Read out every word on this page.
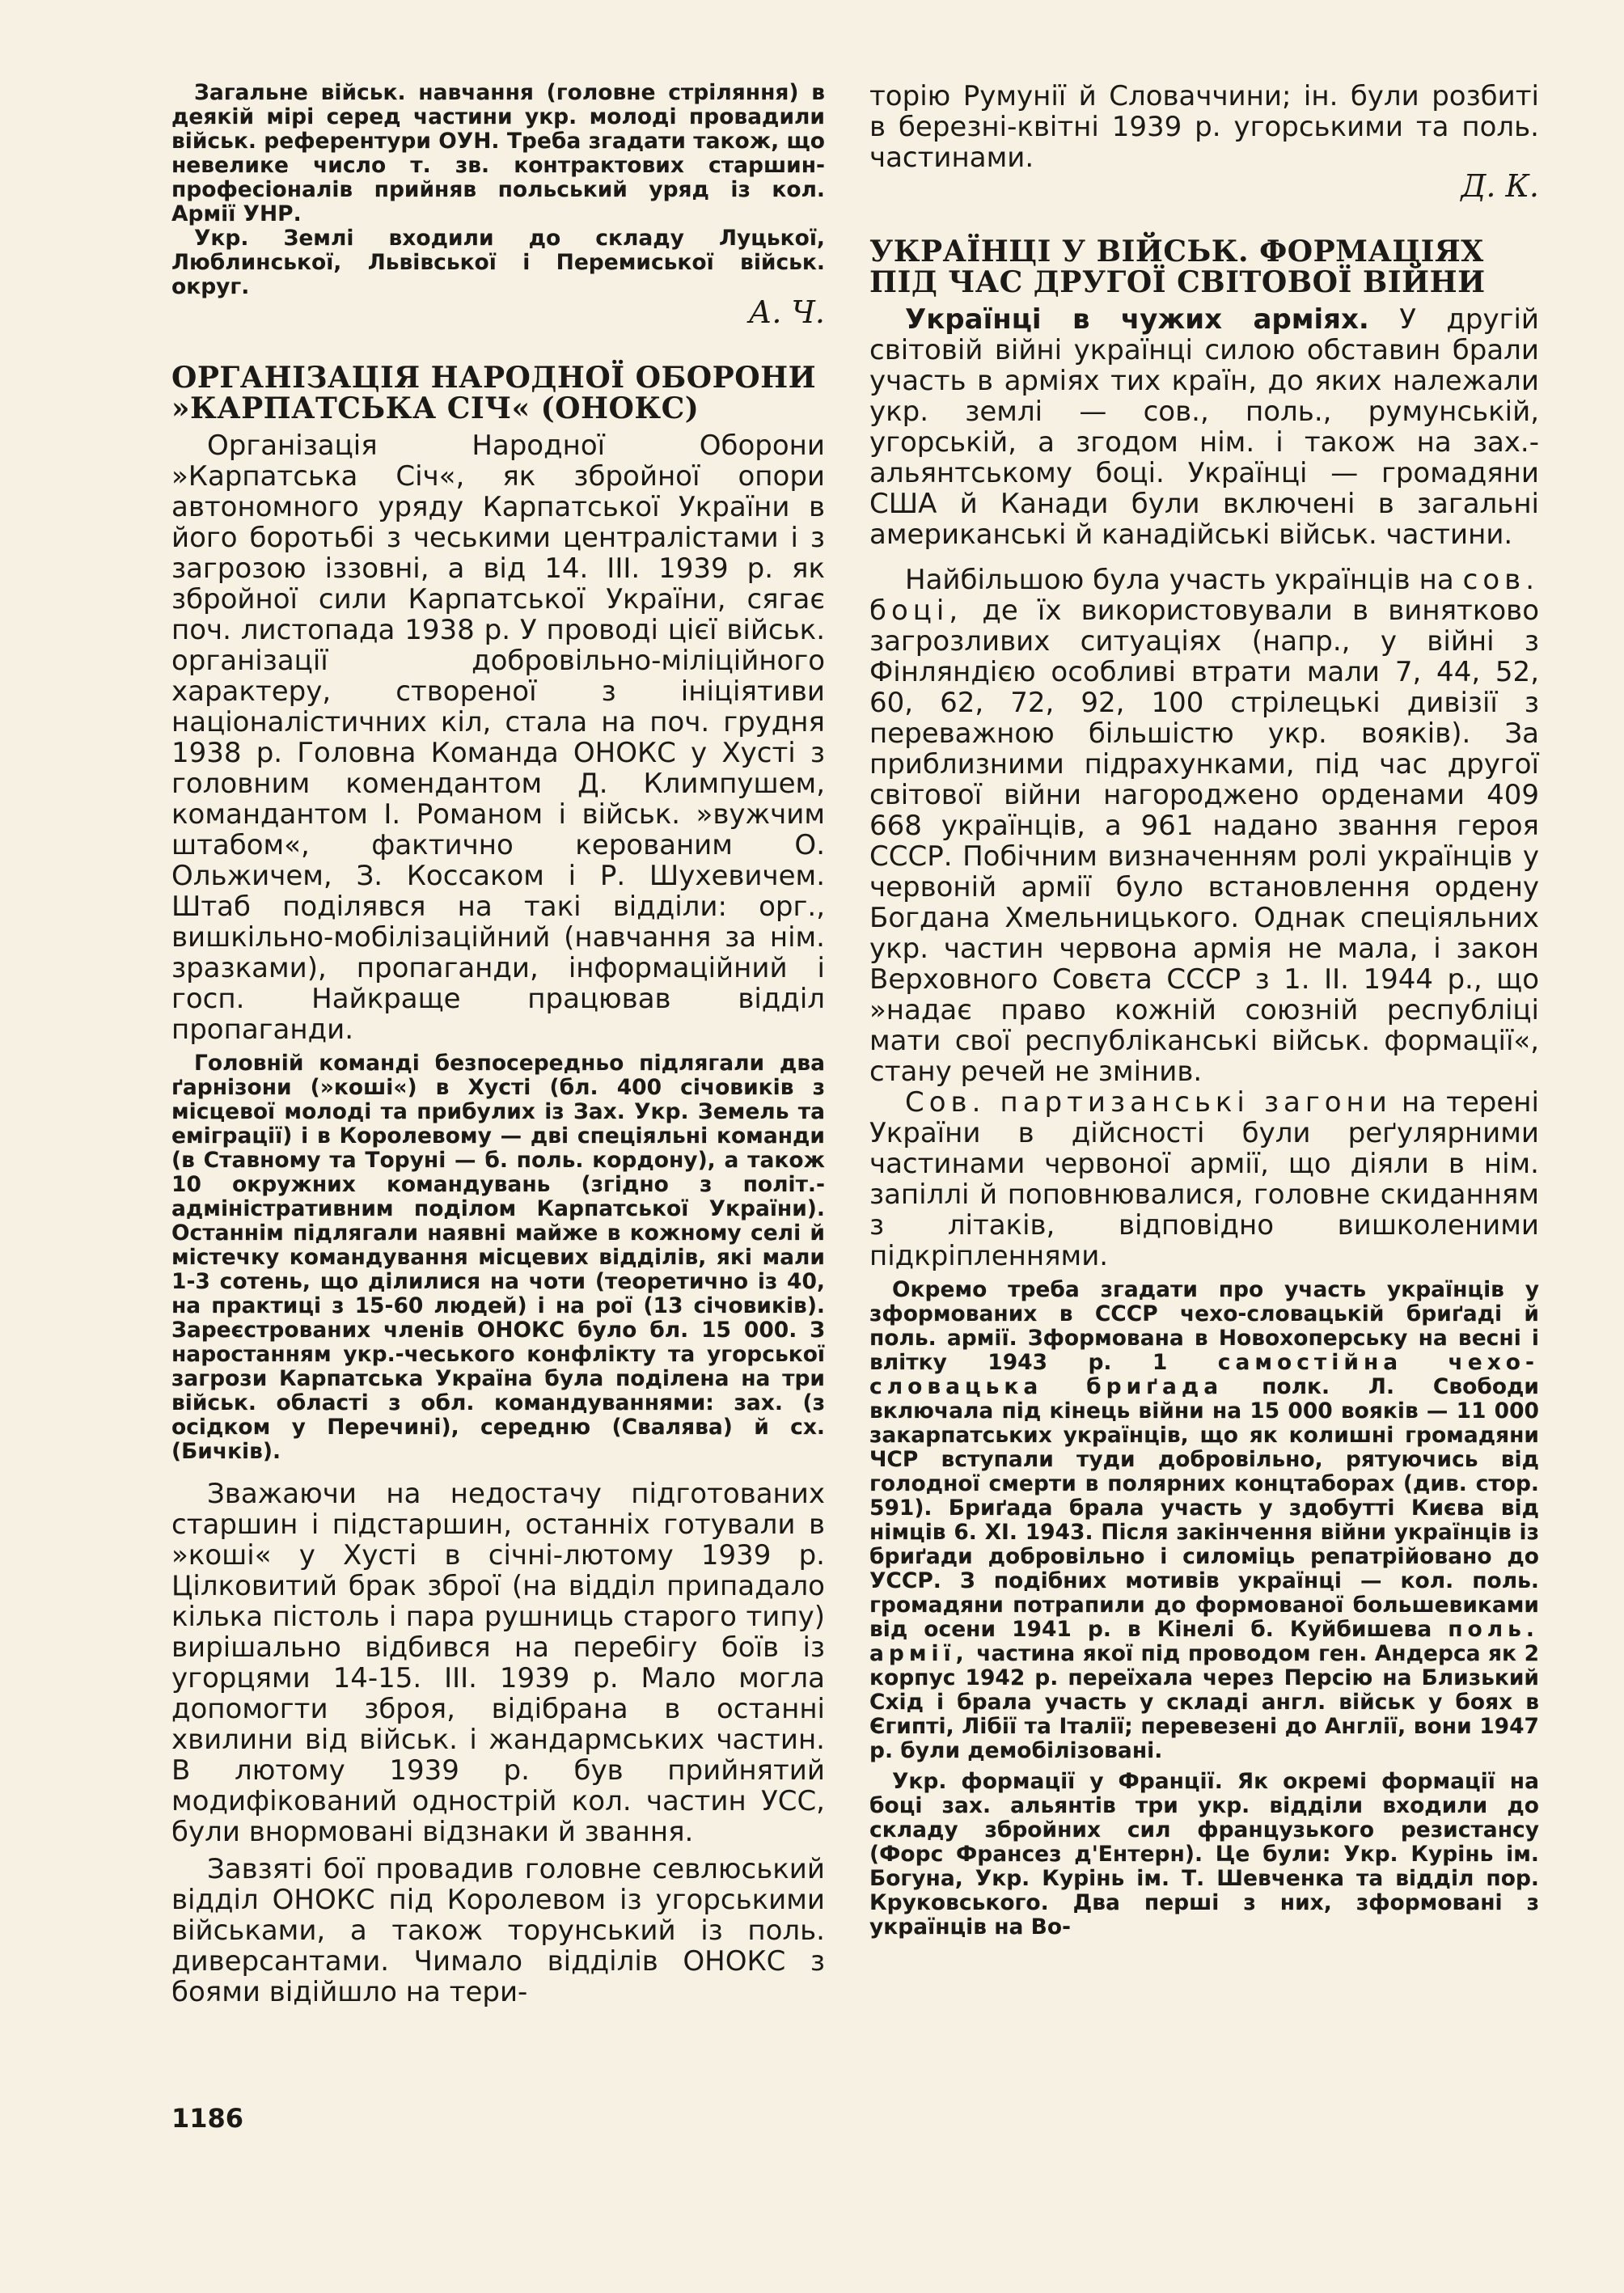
Загальне військ. навчання (головне стріляння) в деякій мірі серед частини укр. молоді провадили військ. референтури ОУН. Треба згадати також, що невелике число т. зв. контрактових старшин-професіоналів прийняв польський уряд із кол. Армії УНР.

Укр. Землі входили до складу Луцької, Люблинської, Львівської і Перемиської військ. округ.

А. Ч.

ОРГАНІЗАЦІЯ НАРОДНОЇ ОБОРОНИ »КАРПАТСЬКА СІЧ« (ОНОКС)

Організація Народної Оборони »Карпатська Січ«, як збройної опори автономного уряду Карпатської України в його боротьбі з чеськими централістами і з загрозою іззовні, а від 14. III. 1939 р. як збройної сили Карпатської України, сягає поч. листопада 1938 р. У проводі цієї військ. організації добровільно-міліційного характеру, створеної з ініціятиви націоналістичних кіл, стала на поч. грудня 1938 р. Головна Команда ОНОКС у Хусті з головним комендантом Д. Климпушем, командантом І. Романом і військ. »вужчим штабом«, фактично керованим О. Ольжичем, З. Коссаком і Р. Шухевичем. Штаб поділявся на такі відділи: орг., вишкільно-мобілізаційний (навчання за нім. зразками), пропаганди, інформаційний і госп. Найкраще працював відділ пропаганди.

Головній команді безпосередньо підлягали два ґарнізони (»коші«) в Хусті (бл. 400 січовиків з місцевої молоді та прибулих із Зах. Укр. Земель та еміграції) і в Королевому — дві спеціяльні команди (в Ставному та Торуні — б. поль. кордону), а також 10 окружних командувань (згідно з політ.-адміністративним поділом Карпатської України). Останнім підлягали наявні майже в кожному селі й містечку командування місцевих відділів, які мали 1-3 сотень, що ділилися на чоти (теоретично із 40, на практиці з 15-60 людей) і на рої (13 січовиків). Зареєстрованих членів ОНОКС було бл. 15 000. З наростанням укр.-чеського конфлікту та угорської загрози Карпатська Україна була поділена на три військ. області з обл. командуваннями: зах. (з осідком у Перечині), середню (Свалява) й сх. (Бичків).

Зважаючи на недостачу підготованих старшин і підстаршин, останніх готували в »коші« у Хусті в січні-лютому 1939 р. Цілковитий брак зброї (на відділ припадало кілька пістоль і пара рушниць старого типу) вирішально відбився на перебігу боїв із угорцями 14-15. III. 1939 р. Мало могла допомогти зброя, відібрана в останні хвилини від військ. і жандармських частин. В лютому 1939 р. був прийнятий модифікований однострій кол. частин УСС, були внормовані відзнаки й звання.

Завзяті бої провадив головне севлюський відділ ОНОКС під Королевом із угорськими військами, а також торунський із поль. диверсантами. Чимало відділів ОНОКС з боями відійшло на тери-

торію Румунії й Словаччини; ін. були розбиті в березні-квітні 1939 р. угорськими та поль. частинами.

Д. К.

УКРАЇНЦІ У ВІЙСЬК. ФОРМАЦІЯХ ПІД ЧАС ДРУГОЇ СВІТОВОЇ ВІЙНИ

Українці в чужих арміях. У другій світовій війні українці силою обставин брали участь в арміях тих країн, до яких належали укр. землі — сов., поль., румунській, угорській, а згодом нім. і також на зах.-альянтському боці. Українці — громадяни США й Канади були включені в загальні американські й канадійські військ. частини.

Найбільшою була участь українців на сов. боці, де їх використовували в винятково загрозливих ситуаціях (напр., у війні з Фінляндією особливі втрати мали 7, 44, 52, 60, 62, 72, 92, 100 стрілецькі дивізії з переважною більшістю укр. вояків). За приблизними підрахунками, під час другої світової війни нагороджено орденами 409 668 українців, а 961 надано звання героя СССР. Побічним визначенням ролі українців у червоній армії було встановлення ордену Богдана Хмельницького. Однак спеціяльних укр. частин червона армія не мала, і закон Верховного Совєта СССР з 1. II. 1944 р., що »надає право кожній союзній республіці мати свої республіканські військ. формації«, стану речей не змінив.

Сов. партизанські загони на терені України в дійсності були реґулярними частинами червоної армії, що діяли в нім. запіллі й поповнювалися, головне скиданням з літаків, відповідно вишколеними підкріпленнями.

Окремо треба згадати про участь українців у зформованих в СССР чехо-словацькій бриґаді й поль. армії. Зформована в Новохоперську на весні і влітку 1943 р. 1 самостійна чехо-словацька бриґада полк. Л. Свободи включала під кінець війни на 15 000 вояків — 11 000 закарпатських українців, що як колишні громадяни ЧСР вступали туди добровільно, рятуючись від голодної смерти в полярних концтаборах (див. стор. 591). Бриґада брала участь у здобутті Києва від німців 6. XI. 1943. Після закінчення війни українців із бриґади добровільно і силоміць репатрійовано до УССР. З подібних мотивів українці — кол. поль. громадяни потрапили до формованої большевиками від осени 1941 р. в Кінелі б. Куйбишева поль. армії, частина якої під проводом ген. Андерса як 2 корпус 1942 р. переїхала через Персію на Близький Схід і брала участь у складі англ. військ у боях в Єгипті, Лібії та Італії; перевезені до Англії, вони 1947 р. були демобілізовані.

Укр. формації у Франції. Як окремі формації на боці зах. альянтів три укр. відділи входили до складу збройних сил французького резистансу (Форс Франсез д'Ентерн). Це були: Укр. Курінь ім. Богуна, Укр. Курінь ім. Т. Шевченка та відділ пор. Круковського. Два перші з них, зформовані з українців на Во-

1186
